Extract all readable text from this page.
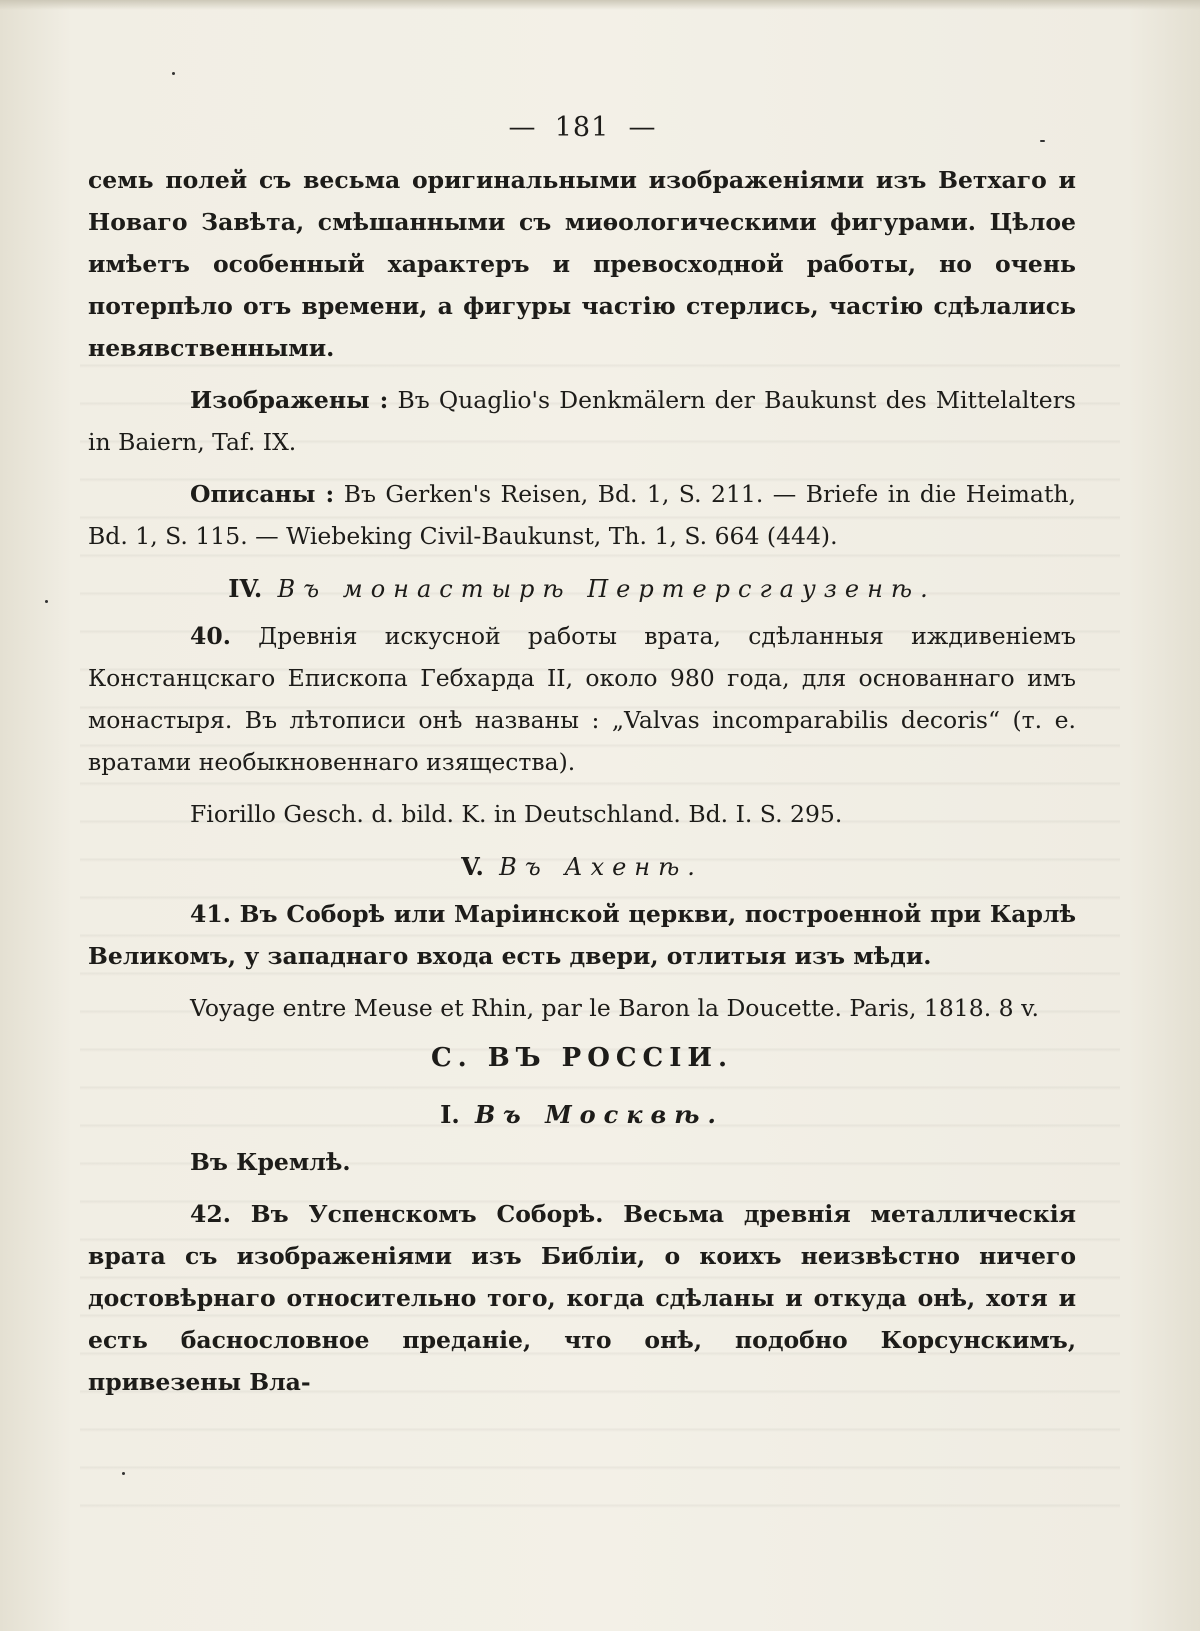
— 181 —

семь полей съ весьма оригинальными изображеніями изъ Ветхаго и Новаго Завѣта, смѣшанными съ миѳологическими фигурами. Цѣлое имѣетъ особенный характеръ и превосходной работы, но очень потерпѣло отъ времени, а фигуры частію стерлись, частію сдѣлались невявственными.

Изображены : Въ Quaglio's Denkmälern der Baukunst des Mittelalters in Baiern, Taf. IX.

Описаны : Въ Gerken's Reisen, Bd. 1, S. 211. — Briefe in die Heimath, Bd. 1, S. 115. — Wiebeking Civil-Baukunst, Th. 1, S. 664 (444).

IV. Въ монастырѣ Пертерсгаузенѣ.

40. Древнія искусной работы врата, сдѣланныя иждивеніемъ Констанцскаго Епископа Гебхарда II, около 980 года, для основаннаго имъ монастыря. Въ лѣтописи онѣ названы : „Valvas incomparabilis decoris“ (т. е. вратами необыкновеннаго изящества).

Fiorillo Gesch. d. bild. K. in Deutschland. Bd. I. S. 295.

V. Въ Ахенѣ.

41. Въ Соборѣ или Маріинской церкви, построенной при Карлѣ Великомъ, у западнаго входа есть двери, отлитыя изъ мѣди.

Voyage entre Meuse et Rhin, par le Baron la Doucette. Paris, 1818. 8 v.

С. ВЪ РОССІИ.
I. Въ Москвѣ.

Въ Кремлѣ.

42. Въ Успенскомъ Соборѣ. Весьма древнія металлическія врата съ изображеніями изъ Библіи, о коихъ неизвѣстно ничего достовѣрнаго относительно того, когда сдѣланы и откуда онѣ, хотя и есть баснословное преданіе, что онѣ, подобно Корсунскимъ, привезены Вла-
